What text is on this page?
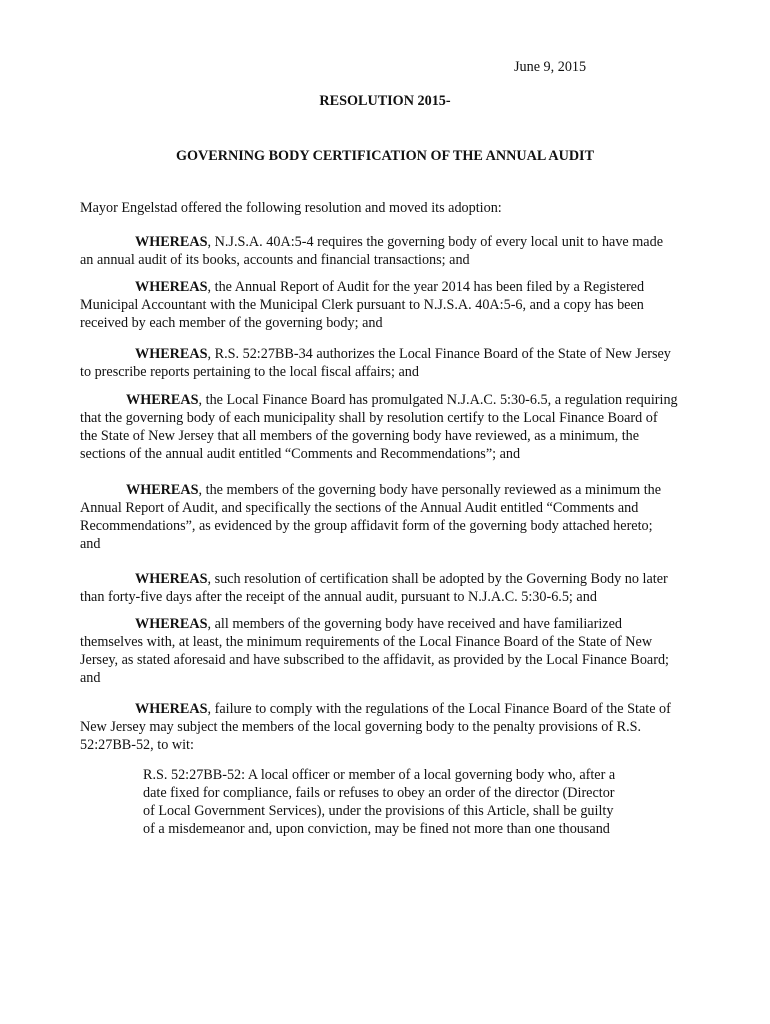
June 9, 2015
RESOLUTION 2015-
GOVERNING BODY CERTIFICATION OF THE ANNUAL AUDIT
Mayor Engelstad offered the following resolution and moved its adoption:
WHEREAS, N.J.S.A. 40A:5-4 requires the governing body of every local unit to have made
an annual audit of its books, accounts and financial transactions; and
WHEREAS, the Annual Report of Audit for the year 2014 has been filed by a Registered
Municipal Accountant with the Municipal Clerk pursuant to N.J.S.A. 40A:5-6, and a copy has been
received by each member of the governing body; and
WHEREAS, R.S. 52:27BB-34 authorizes the Local Finance Board of the State of New Jersey
to prescribe reports pertaining to the local fiscal affairs; and
WHEREAS, the Local Finance Board has promulgated N.J.A.C. 5:30-6.5, a regulation requiring
that the governing body of each municipality shall by resolution certify to the Local Finance Board of
the State of New Jersey that all members of the governing body have reviewed, as a minimum, the
sections of the annual audit entitled “Comments and Recommendations”; and
WHEREAS, the members of the governing body have personally reviewed as a minimum the
Annual Report of Audit, and specifically the sections of the Annual Audit entitled “Comments and
Recommendations”, as evidenced by the group affidavit form of the governing body attached hereto;
and
WHEREAS, such resolution of certification shall be adopted by the Governing Body no later
than forty-five days after the receipt of the annual audit, pursuant to N.J.A.C. 5:30-6.5; and
WHEREAS, all members of the governing body have received and have familiarized
themselves with, at least, the minimum requirements of the Local Finance Board of the State of New
Jersey, as stated aforesaid and have subscribed to the affidavit, as provided by the Local Finance Board;
and
WHEREAS, failure to comply with the regulations of the Local Finance Board of the State of
New Jersey may subject the members of the local governing body to the penalty provisions of R.S.
52:27BB-52, to wit:
R.S. 52:27BB-52: A local officer or member of a local governing body who, after a
date fixed for compliance, fails or refuses to obey an order of the director (Director
of Local Government Services), under the provisions of this Article, shall be guilty
of a misdemeanor and, upon conviction, may be fined not more than one thousand
